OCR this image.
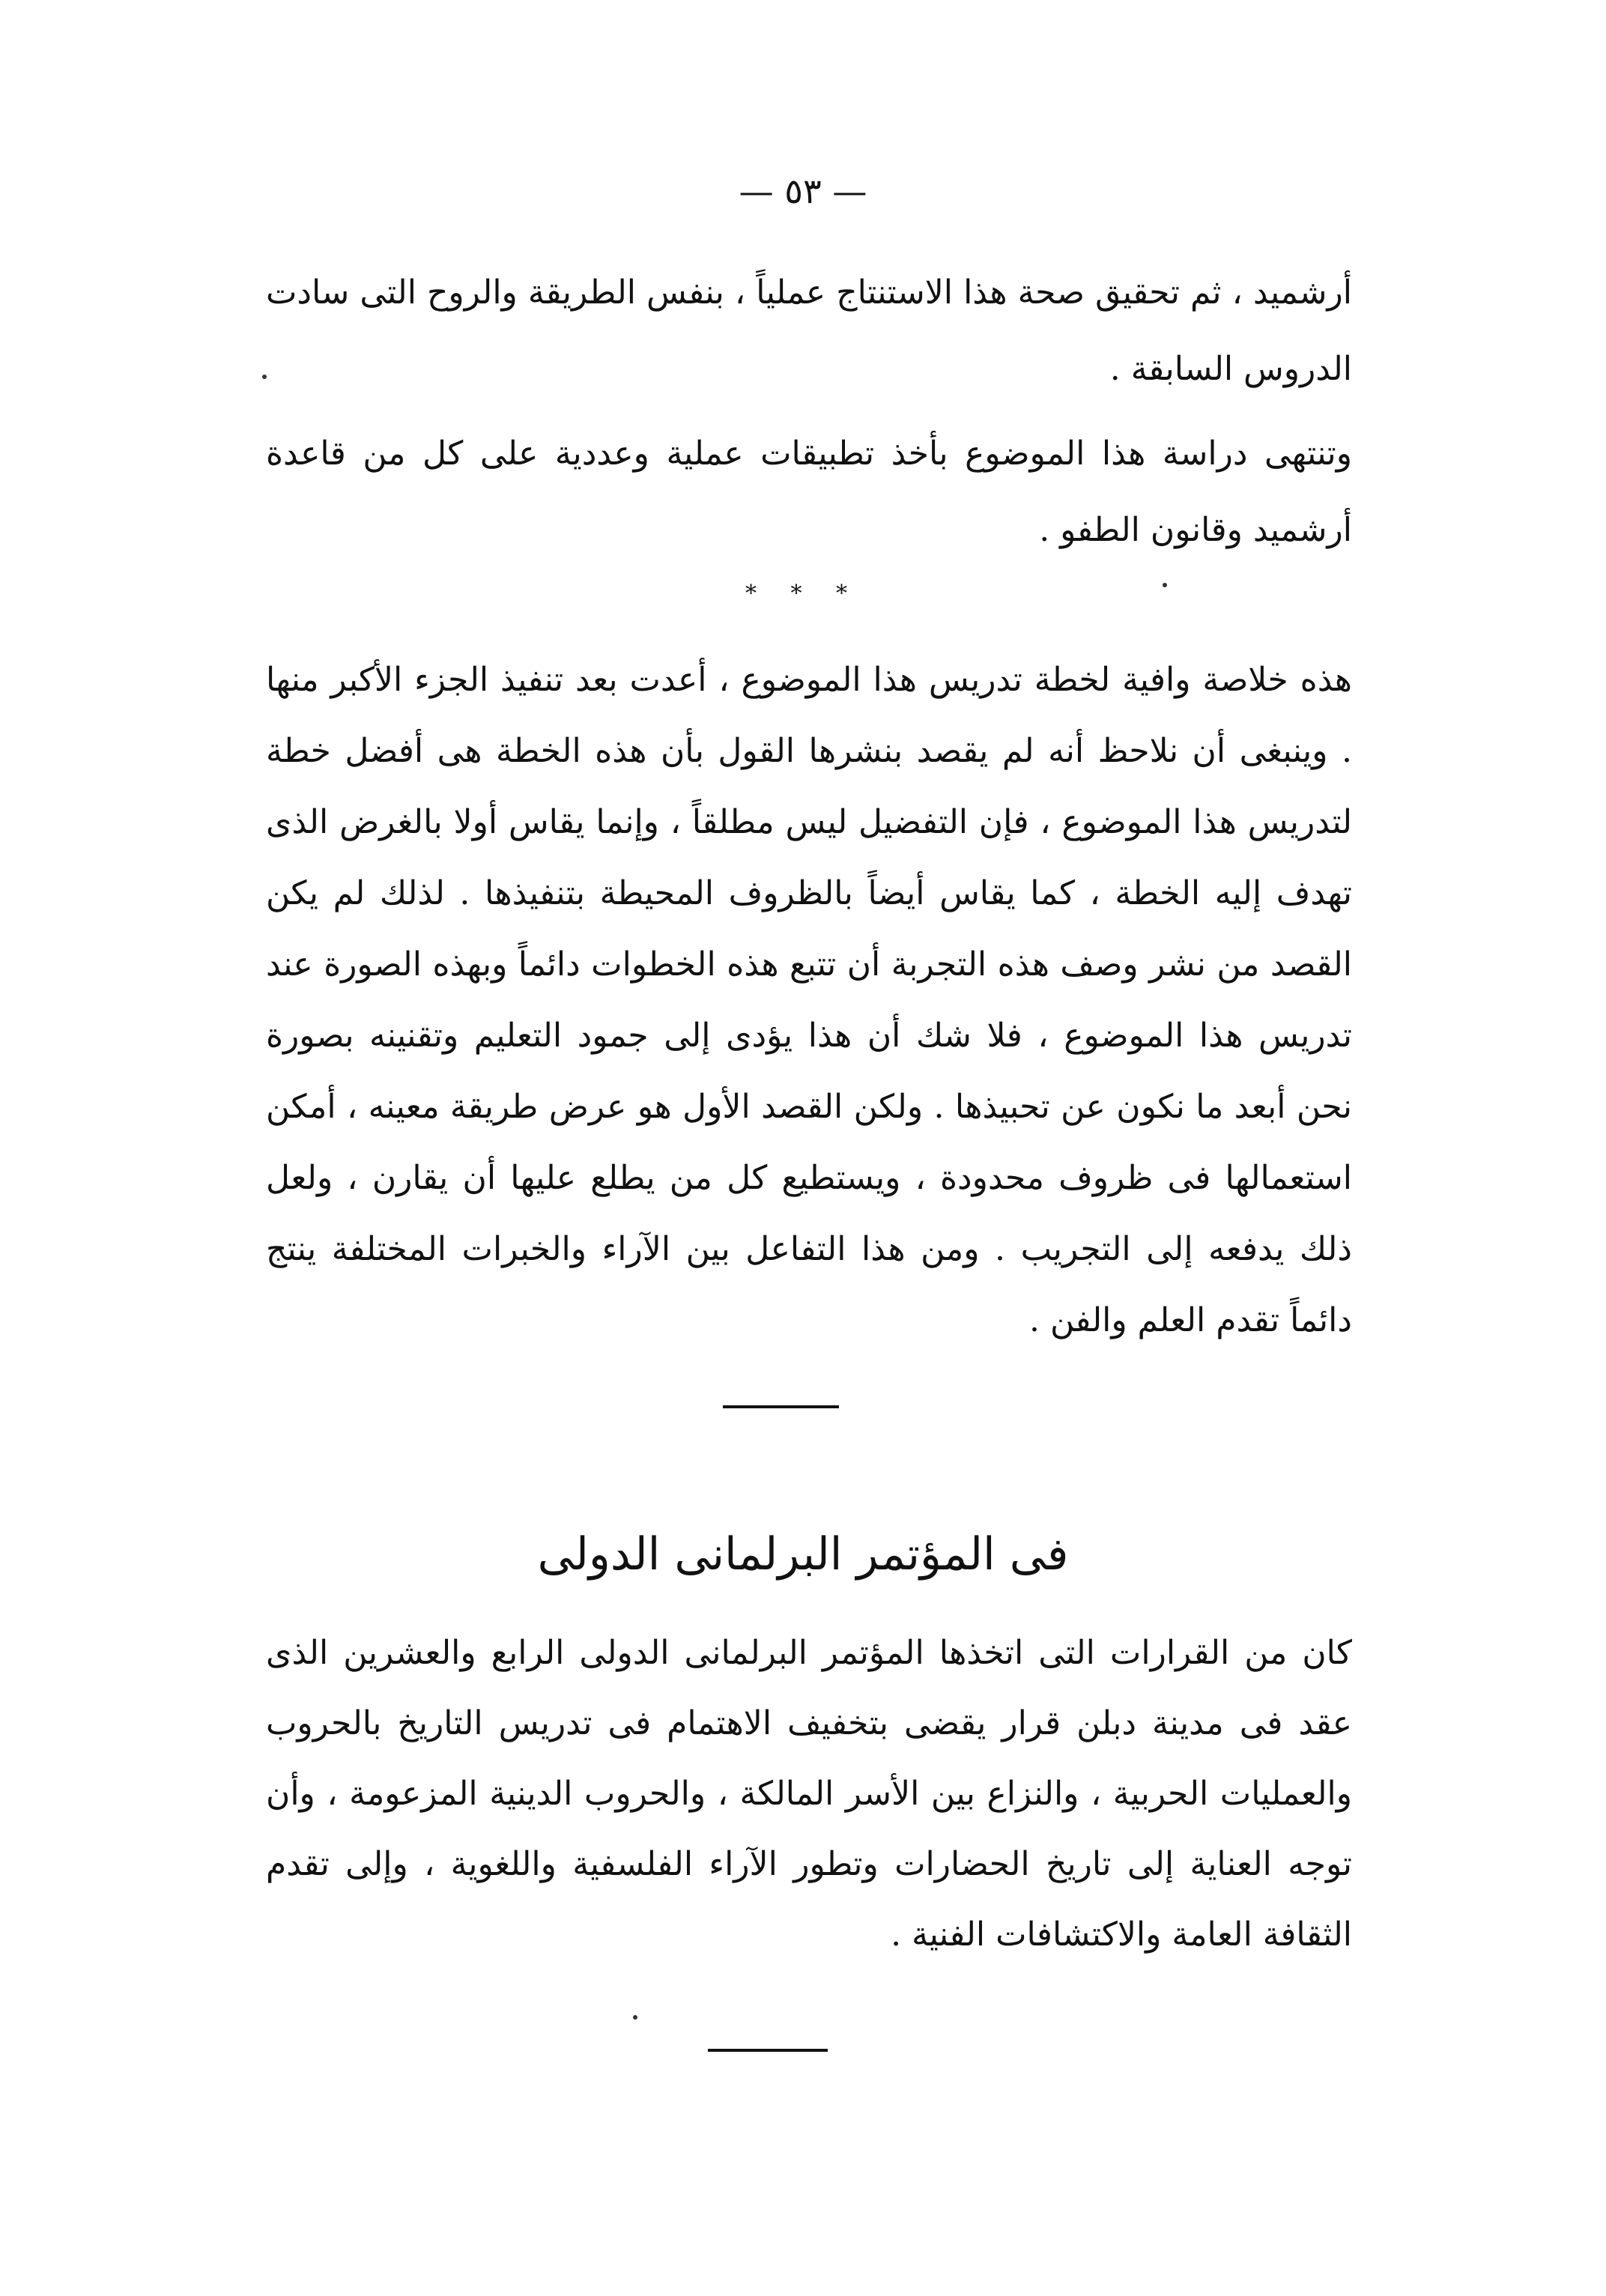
— ٥٣ —

أرشميد ، ثم تحقيق صحة هذا الاستنتاج عملياً ، بنفس الطريقة والروح التى سادت الدروس السابقة .

وتنتهى دراسة هذا الموضوع بأخذ تطبيقات عملية وعددية على كل من قاعدة أرشميد وقانون الطفو .

* * *

هذه خلاصة وافية لخطة تدريس هذا الموضوع ، أعدت بعد تنفيذ الجزء الأكبر منها . وينبغى أن نلاحظ أنه لم يقصد بنشرها القول بأن هذه الخطة هى أفضل خطة لتدريس هذا الموضوع ، فإن التفضيل ليس مطلقاً ، وإنما يقاس أولا بالغرض الذى تهدف إليه الخطة ، كما يقاس أيضاً بالظروف المحيطة بتنفيذها . لذلك لم يكن القصد من نشر وصف هذه التجربة أن تتبع هذه الخطوات دائماً وبهذه الصورة عند تدريس هذا الموضوع ، فلا شك أن هذا يؤدى إلى جمود التعليم وتقنينه بصورة نحن أبعد ما نكون عن تحبيذها . ولكن القصد الأول هو عرض طريقة معينه ، أمكن استعمالها فى ظروف محدودة ، ويستطيع كل من يطلع عليها أن يقارن ، ولعل ذلك يدفعه إلى التجريب . ومن هذا التفاعل بين الآراء والخبرات المختلفة ينتج دائماً تقدم العلم والفن .

فى المؤتمر البرلمانى الدولى

كان من القرارات التى اتخذها المؤتمر البرلمانى الدولى الرابع والعشرين الذى عقد فى مدينة دبلن قرار يقضى بتخفيف الاهتمام فى تدريس التاريخ بالحروب والعمليات الحربية ، والنزاع بين الأسر المالكة ، والحروب الدينية المزعومة ، وأن توجه العناية إلى تاريخ الحضارات وتطور الآراء الفلسفية واللغوية ، وإلى تقدم الثقافة العامة والاكتشافات الفنية .
